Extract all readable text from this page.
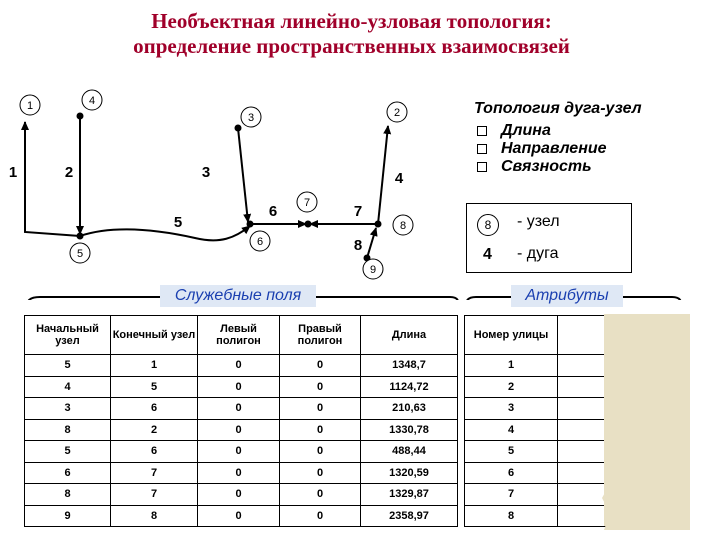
Необъектная линейно-узловая топология:
определение пространственных взаимосвязей
1	4
3	2
5
6
7
8
9
1	2	3	4
5
6	7
8
Топология дуга-узел
Длина
Направление
Связность
8	- узел
4 - дуга
Служебные поля	Атрибуты
Начальный узел	Конечный узел	Левый полигон	Правый полигон	Длина		Номер улицы	
5	1	0	0	1348,7		1	
4	5	0	0	1124,72		2	
3	6	0	0	210,63		3	
8	2	0	0	1330,78		4	
5	6	0	0	488,44		5	
6	7	0	0	1320,59		6	
8	7	0	0	1329,87		7	
9	8	0	0	2358,97		8	
